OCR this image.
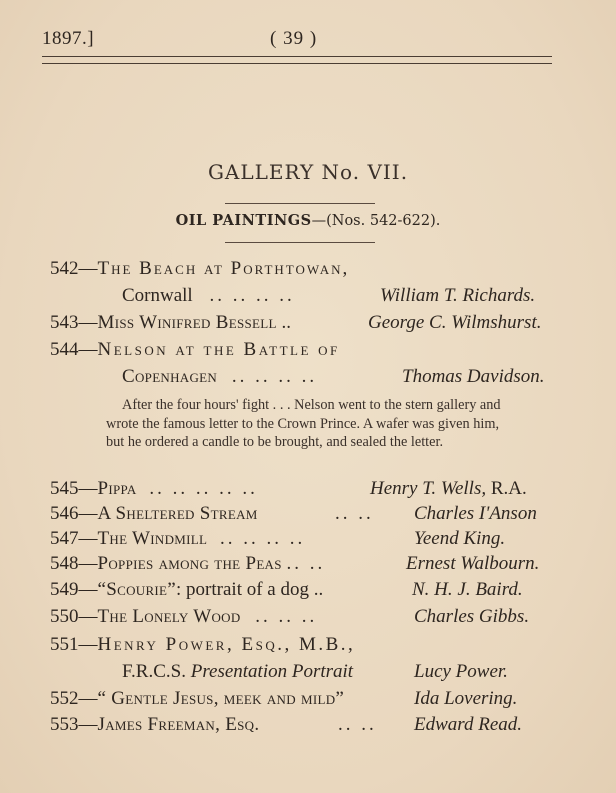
1897.]	( 39 )
GALLERY No. VII.
OIL PAINTINGS—(Nos. 542-622).
542—The Beach at Porthtowan,
Cornwall .. .. .. ..	William T. Richards.
543—Miss Winifred Bessell ..	George C. Wilmshurst.
544—Nelson at the Battle of
Copenhagen .. .. .. ..	Thomas Davidson.

After the four hours' fight . . . Nelson went to the stern gallery and wrote the famous letter to the Crown Prince. A wafer was given him, but he ordered a candle to be brought, and sealed the letter.

545—Pippa .. .. .. .. ..	Henry T. Wells, R.A.
546—A Sheltered Stream	.. .. Charles I'Anson
547—The Windmill .. .. .. ..	Yeend King.
548—Poppies among the Peas .. ..	Ernest Walbourn.
549—“Scourie”: portrait of a dog ..	N. H. J. Baird.
550—The Lonely Wood .. .. ..	Charles Gibbs.
551—Henry Power, Esq., M.B.,
F.R.C.S. Presentation Portrait	Lucy Power.
552—“ Gentle Jesus, meek and mild”	Ida Lovering.
553—James Freeman, Esq.	.. .. Edward Read.
